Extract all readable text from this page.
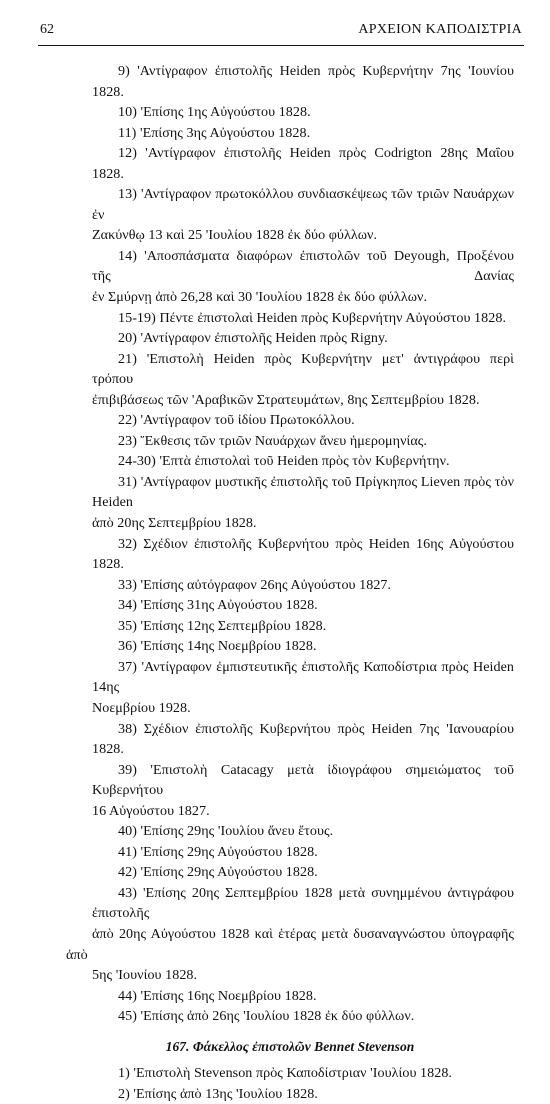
62	ΑΡΧΕΙΟΝ ΚΑΠΟΔΙΣΤΡΙΑ
9) 'Αντίγραφον ἐπιστολῆς Heiden πρὸς Κυβερνήτην 7ης 'Ιουνίου 1828.
10) 'Επίσης 1ης Αὐγούστου 1828.
11) 'Επίσης 3ης Αὐγούστου 1828.
12) 'Αντίγραφον ἐπιστολῆς Heiden πρὸς Codrigton 28ης Μαΐου 1828.
13) 'Αντίγραφον πρωτοκόλλου συνδιασκέψεως τῶν τριῶν Ναυάρχων ἐν
Ζακύνθῳ 13 καὶ 25 'Ιουλίου 1828 ἐκ δύο φύλλων.
14) 'Αποσπάσματα διαφόρων ἐπιστολῶν τοῦ Deyough, Προξένου τῆς Δανίας
ἐν Σμύρνῃ ἀπὸ 26,28 καὶ 30 'Ιουλίου 1828 ἐκ δύο φύλλων.
15-19) Πέντε ἐπιστολαὶ Heiden πρὸς Κυβερνήτην Αὐγούστου 1828.
20) 'Αντίγραφον ἐπιστολῆς Heiden πρὸς Rigny.
21) 'Επιστολὴ Heiden πρὸς Κυβερνήτην μετ' ἀντιγράφου περὶ τρόπου
ἐπιβιβάσεως τῶν 'Αραβικῶν Στρατευμάτων, 8ης Σεπτεμβρίου 1828.
22) 'Αντίγραφον τοῦ ἰδίου Πρωτοκόλλου.
23) Ἔκθεσις τῶν τριῶν Ναυάρχων ἄνευ ἡμερομηνίας.
24-30) 'Επτὰ ἐπιστολαὶ τοῦ Heiden πρὸς τὸν Κυβερνήτην.
31) 'Αντίγραφον μυστικῆς ἐπιστολῆς τοῦ Πρίγκηπος Lieven πρὸς τὸν Heiden
ἀπὸ 20ης Σεπτεμβρίου 1828.
32) Σχέδιον ἐπιστολῆς Κυβερνήτου πρὸς Heiden 16ης Αὐγούστου 1828.
33) 'Επίσης αὐτόγραφον 26ης Αὐγούστου 1827.
34) 'Επίσης 31ης Αὐγούστου 1828.
35) 'Επίσης 12ης Σεπτεμβρίου 1828.
36) 'Επίσης 14ης Νοεμβρίου 1828.
37) 'Αντίγραφον ἐμπιστευτικῆς ἐπιστολῆς Καποδίστρια πρὸς Heiden 14ης
Νοεμβρίου 1928.
38) Σχέδιον ἐπιστολῆς Κυβερνήτου πρὸς Heiden 7ης 'Ιανουαρίου 1828.
39) 'Επιστολὴ Catacagy μετὰ ἰδιογράφου σημειώματος τοῦ Κυβερνήτου
16 Αὐγούστου 1827.
40) 'Επίσης 29ης 'Ιουλίου ἄνευ ἔτους.
41) 'Επίσης 29ης Αὐγούστου 1828.
42) 'Επίσης 29ης Αὐγούστου 1828.
43) 'Επίσης 20ης Σεπτεμβρίου 1828 μετὰ συνημμένου ἀντιγράφου ἐπιστολῆς
ἀπὸ 20ης Αὐγούστου 1828 καὶ ἑτέρας μετὰ δυσαναγνώστου ὑπογραφῆς ἀπὸ
5ης 'Ιουνίου 1828.
44) 'Επίσης 16ης Νοεμβρίου 1828.
45) 'Επίσης ἀπὸ 26ης 'Ιουλίου 1828 ἐκ δύο φύλλων.
167. Φάκελλος ἐπιστολῶν Bennet Stevenson
1) 'Επιστολὴ Stevenson πρὸς Καποδίστριαν 'Ιουλίου 1828.
2) 'Επίσης ἀπὸ 13ης 'Ιουλίου 1828.
